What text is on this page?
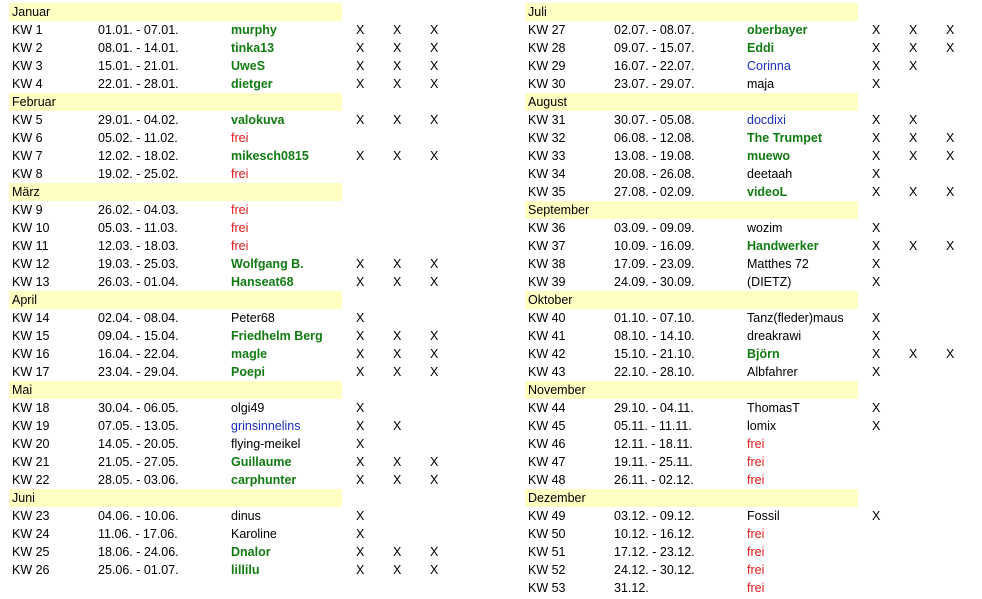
Januar
KW 1	01.01. - 07.01.	murphy	X X X
KW 2	08.01. - 14.01.	tinka13	X X X
KW 3	15.01. - 21.01.	UweS	X X X
KW 4	22.01. - 28.01.	dietger	X X X
Februar
KW 5	29.01. - 04.02.	valokuva	X X X
KW 6	05.02. - 11.02.	frei
KW 7	12.02. - 18.02.	mikesch0815	X X X
KW 8	19.02. - 25.02.	frei
März
KW 9	26.02. - 04.03.	frei
KW 10	05.03. - 11.03.	frei
KW 11	12.03. - 18.03.	frei
KW 12	19.03. - 25.03.	Wolfgang B.	X X X
KW 13	26.03. - 01.04.	Hanseat68	X X X
April
KW 14	02.04. - 08.04.	Peter68	X
KW 15	09.04. - 15.04.	Friedhelm Berg	X X X
KW 16	16.04. - 22.04.	magle	X X X
KW 17	23.04. - 29.04.	Poepi	X X X
Mai
KW 18	30.04. - 06.05.	olgi49	X
KW 19	07.05. - 13.05.	grinsinnelins	X X
KW 20	14.05. - 20.05.	flying-meikel	X
KW 21	21.05. - 27.05.	Guillaume	X X X
KW 22	28.05. - 03.06.	carphunter	X X X
Juni
KW 23	04.06. - 10.06.	dinus	X
KW 24	11.06. - 17.06.	Karoline	X
KW 25	18.06. - 24.06.	Dnalor	X X X
KW 26	25.06. - 01.07.	lillilu	X X X
Juli
KW 27	02.07. - 08.07.	oberbayer	X X X
KW 28	09.07. - 15.07.	Eddi	X X X
KW 29	16.07. - 22.07.	Corinna	X X
KW 30	23.07. - 29.07.	maja	X
August
KW 31	30.07. - 05.08.	docdixi	X X
KW 32	06.08. - 12.08.	The Trumpet	X X X
KW 33	13.08. - 19.08.	muewo	X X X
KW 34	20.08. - 26.08.	deetaah	X
KW 35	27.08. - 02.09.	videoL	X X X
September
KW 36	03.09. - 09.09.	wozim	X
KW 37	10.09. - 16.09.	Handwerker	X X X
KW 38	17.09. - 23.09.	Matthes 72	X
KW 39	24.09. - 30.09.	(DIETZ)	X
Oktober
KW 40	01.10. - 07.10.	Tanz(fleder)maus X
KW 41	08.10. - 14.10.	dreakrawi	X
KW 42	15.10. - 21.10.	Björn	X X X
KW 43	22.10. - 28.10.	Albfahrer	X
November
KW 44	29.10. - 04.11.	ThomasT	X
KW 45	05.11. - 11.11.	lomix	X
KW 46	12.11. - 18.11.	frei
KW 47	19.11. - 25.11.	frei
KW 48	26.11. - 02.12.	frei
Dezember
KW 49	03.12. - 09.12.	Fossil	X
KW 50	10.12. - 16.12.	frei
KW 51	17.12. - 23.12.	frei
KW 52	24.12. - 30.12.	frei
KW 53	31.12.	frei
